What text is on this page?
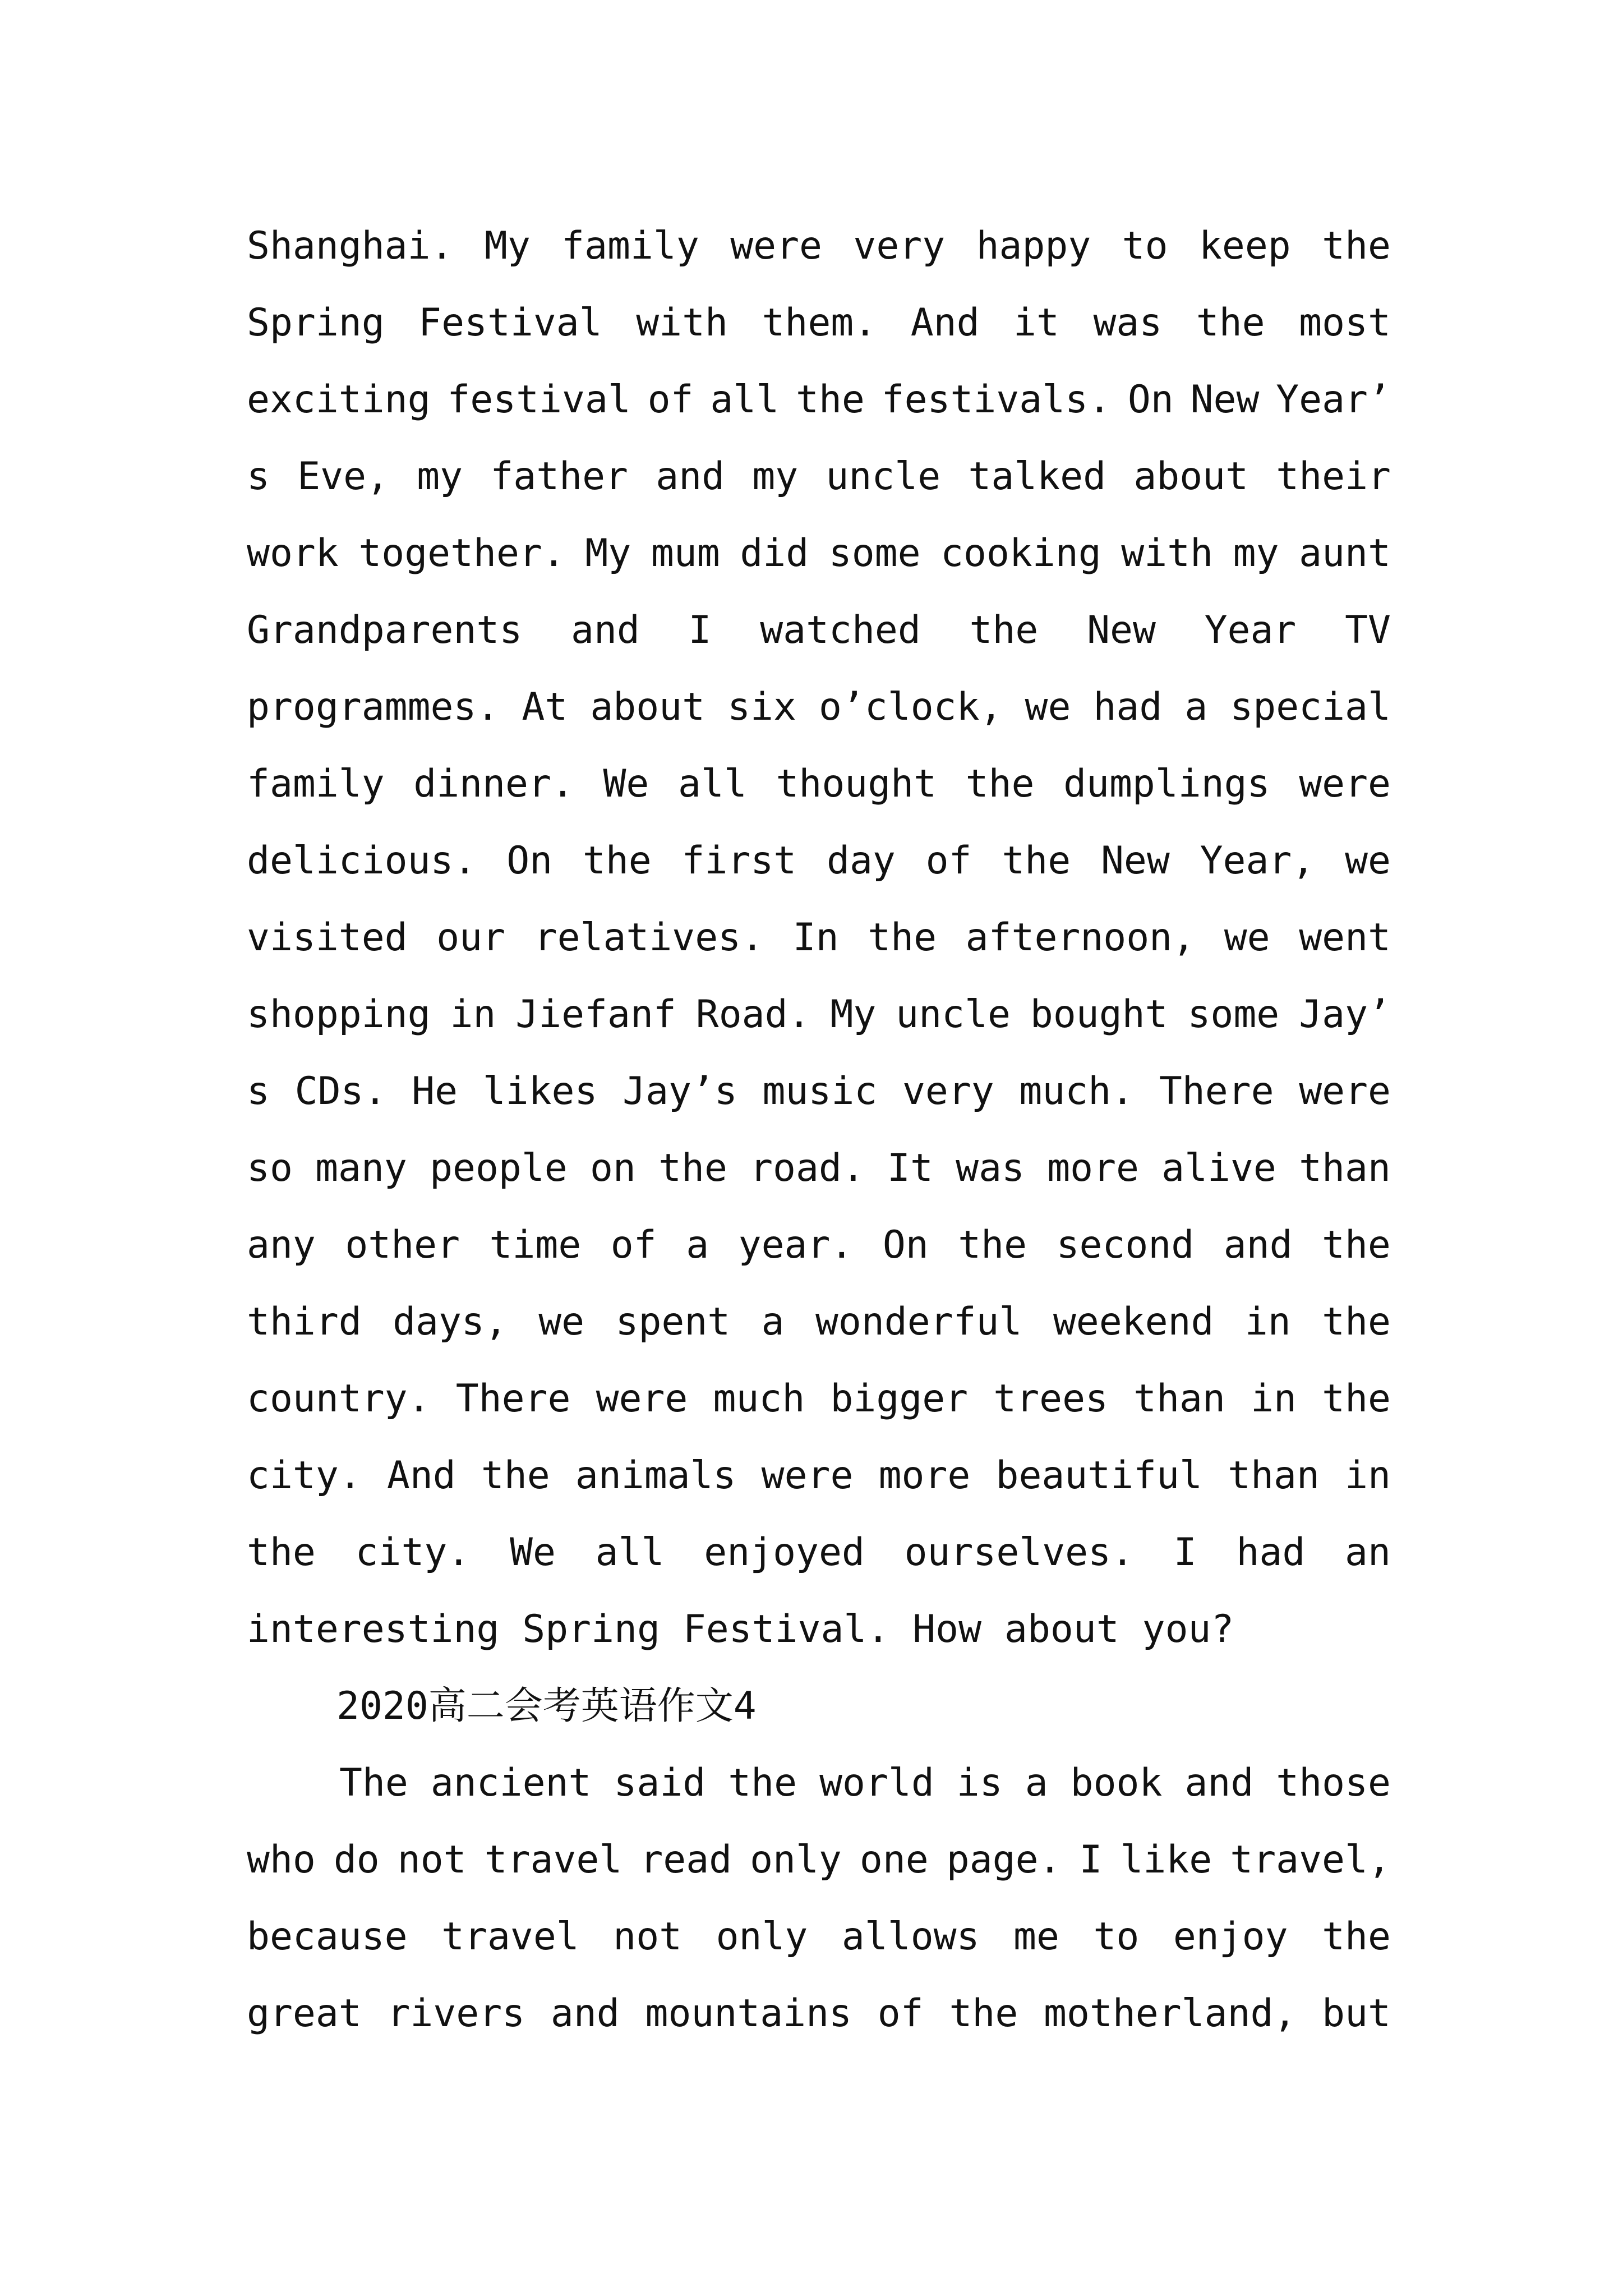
Shanghai. My family were very happy to keep the
Spring Festival with them. And it was the most
exciting festival of all the festivals. On New Year’
s Eve, my father and my uncle talked about their
work together. My mum did some cooking with my aunt
Grandparents and I watched the New Year TV
programmes. At about six o’clock, we had a special
family dinner. We all thought the dumplings were
delicious. On the first day of the New Year, we
visited our relatives. In the afternoon, we went
shopping in Jiefanf Road. My uncle bought some Jay’
s CDs. He likes Jay’s music very much. There were
so many people on the road. It was more alive than
any other time of a year. On the second and the
third days, we spent a wonderful weekend in the
country. There were much bigger trees than in the
city. And the animals were more beautiful than in
the city. We all enjoyed ourselves. I had an
interesting Spring Festival. How about you?
2020高二会考英语作文4
The ancient said the world is a book and those
who do not travel read only one page. I like travel,
because travel not only allows me to enjoy the
great rivers and mountains of the motherland, but
